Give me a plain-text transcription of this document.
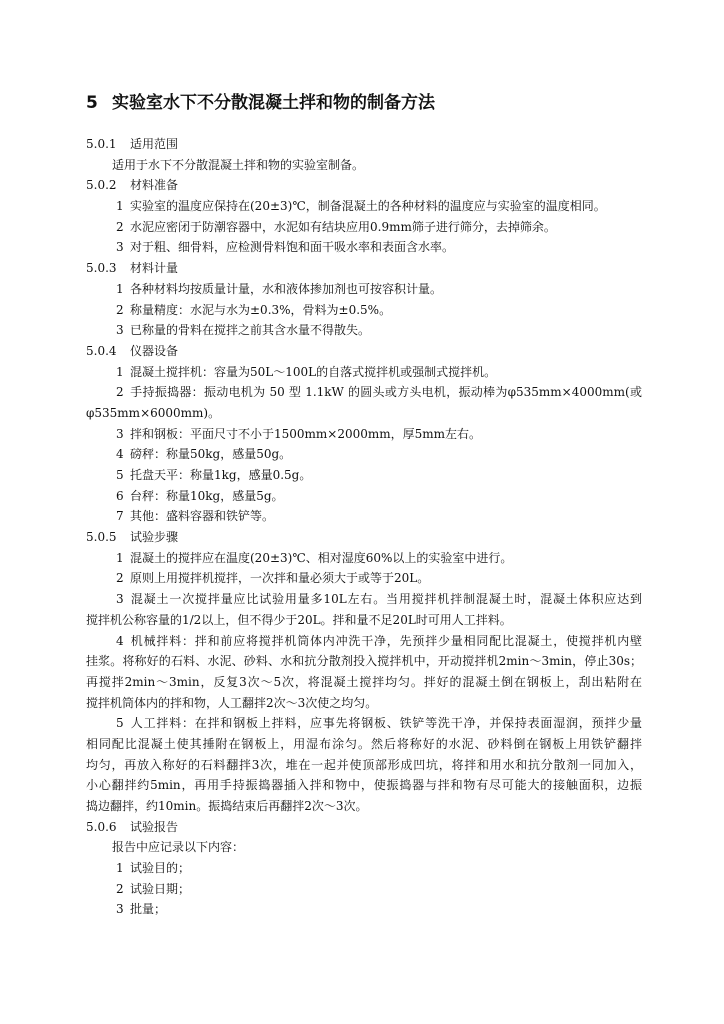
5 实验室水下不分散混凝土拌和物的制备方法
5.0.1 适用范围
适用于水下不分散混凝土拌和物的实验室制备。
5.0.2 材料准备
1 实验室的温度应保持在(20±3)℃，制备混凝土的各种材料的温度应与实验室的温度相同。
2 水泥应密闭于防潮容器中，水泥如有结块应用0.9mm筛子进行筛分，去掉筛余。
3 对于粗、细骨料，应检测骨料饱和面干吸水率和表面含水率。
5.0.3 材料计量
1 各种材料均按质量计量，水和液体掺加剂也可按容积计量。
2 称量精度：水泥与水为±0.3%，骨料为±0.5%。
3 已称量的骨料在搅拌之前其含水量不得散失。
5.0.4 仪器设备
1 混凝土搅拌机：容量为50L～100L的自落式搅拌机或强制式搅拌机。
2 手持振捣器：振动电机为 50 型 1.1kW 的圆头或方头电机，振动棒为φ535mm×4000mm(或
φ535mm×6000mm)。
3 拌和钢板：平面尺寸不小于1500mm×2000mm，厚5mm左右。
4 磅秤：称量50kg，感量50g。
5 托盘天平：称量1kg，感量0.5g。
6 台秤：称量10kg，感量5g。
7 其他：盛料容器和铁铲等。
5.0.5 试验步骤
1 混凝土的搅拌应在温度(20±3)℃、相对湿度60%以上的实验室中进行。
2 原则上用搅拌机搅拌，一次拌和量必须大于或等于20L。
3 混凝土一次搅拌量应比试验用量多10L左右。当用搅拌机拌制混凝土时，混凝土体积应达到
搅拌机公称容量的1/2以上，但不得少于20L。拌和量不足20L时可用人工拌料。
4 机械拌料：拌和前应将搅拌机筒体内冲洗干净，先预拌少量相同配比混凝土，使搅拌机内壁
挂浆。将称好的石料、水泥、砂料、水和抗分散剂投入搅拌机中，开动搅拌机2min～3min，停止30s；
再搅拌2min～3min，反复3次～5次，将混凝土搅拌均匀。拌好的混凝土倒在钢板上，刮出粘附在
搅拌机筒体内的拌和物，人工翻拌2次～3次使之均匀。
5 人工拌料：在拌和钢板上拌料，应事先将钢板、铁铲等洗干净，并保持表面湿润，预拌少量
相同配比混凝土使其捶附在钢板上，用湿布涂匀。然后将称好的水泥、砂料倒在钢板上用铁铲翻拌
均匀，再放入称好的石料翻拌3次，堆在一起并使顶部形成凹坑，将拌和用水和抗分散剂一同加入，
小心翻拌约5min，再用手持振捣器插入拌和物中，使振捣器与拌和物有尽可能大的接触面积，边振
捣边翻拌，约10min。振捣结束后再翻拌2次～3次。
5.0.6 试验报告
报告中应记录以下内容：
1 试验目的；
2 试验日期；
3 批量；
